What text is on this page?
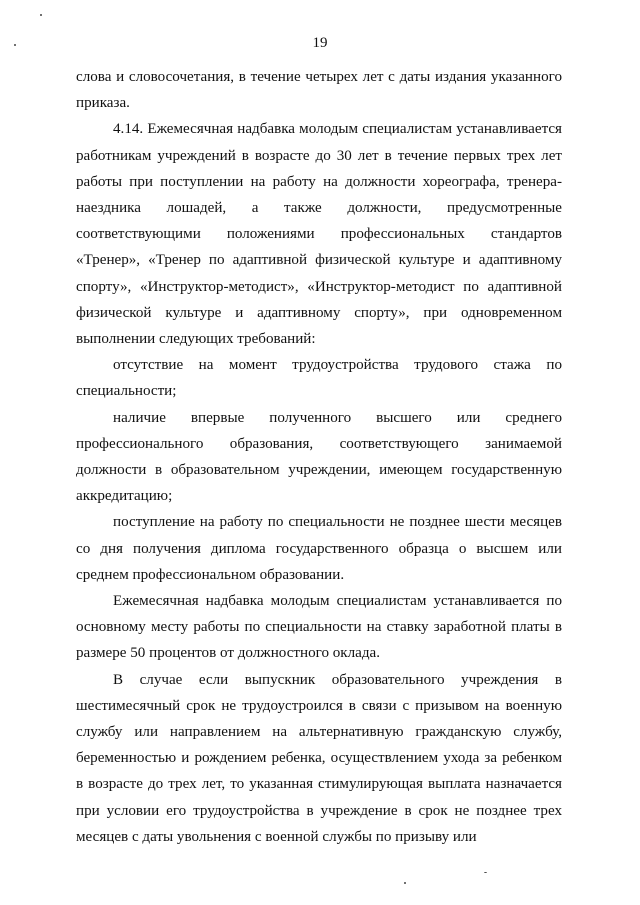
19

слова и словосочетания, в течение четырех лет с даты издания указанного приказа.

4.14. Ежемесячная надбавка молодым специалистам устанавливается работникам учреждений в возрасте до 30 лет в течение первых трех лет работы при поступлении на работу на должности хореографа, тренера-наездника лошадей, а также должности, предусмотренные соответствующими положениями профессиональных стандартов «Тренер», «Тренер по адаптивной физической культуре и адаптивному спорту», «Инструктор-методист», «Инструктор-методист по адаптивной физической культуре и адаптивному спорту», при одновременном выполнении следующих требований:

отсутствие на момент трудоустройства трудового стажа по специальности;

наличие впервые полученного высшего или среднего профессионального образования, соответствующего занимаемой должности в образовательном учреждении, имеющем государственную аккредитацию;

поступление на работу по специальности не позднее шести месяцев со дня получения диплома государственного образца о высшем или среднем профессиональном образовании.

Ежемесячная надбавка молодым специалистам устанавливается по основному месту работы по специальности на ставку заработной платы в размере 50 процентов от должностного оклада.

В случае если выпускник образовательного учреждения в шестимесячный срок не трудоустроился в связи с призывом на военную службу или направлением на альтернативную гражданскую службу, беременностью и рождением ребенка, осуществлением ухода за ребенком в возрасте до трех лет, то указанная стимулирующая выплата назначается при условии его трудоустройства в учреждение в срок не позднее трех месяцев с даты увольнения с военной службы по призыву или
